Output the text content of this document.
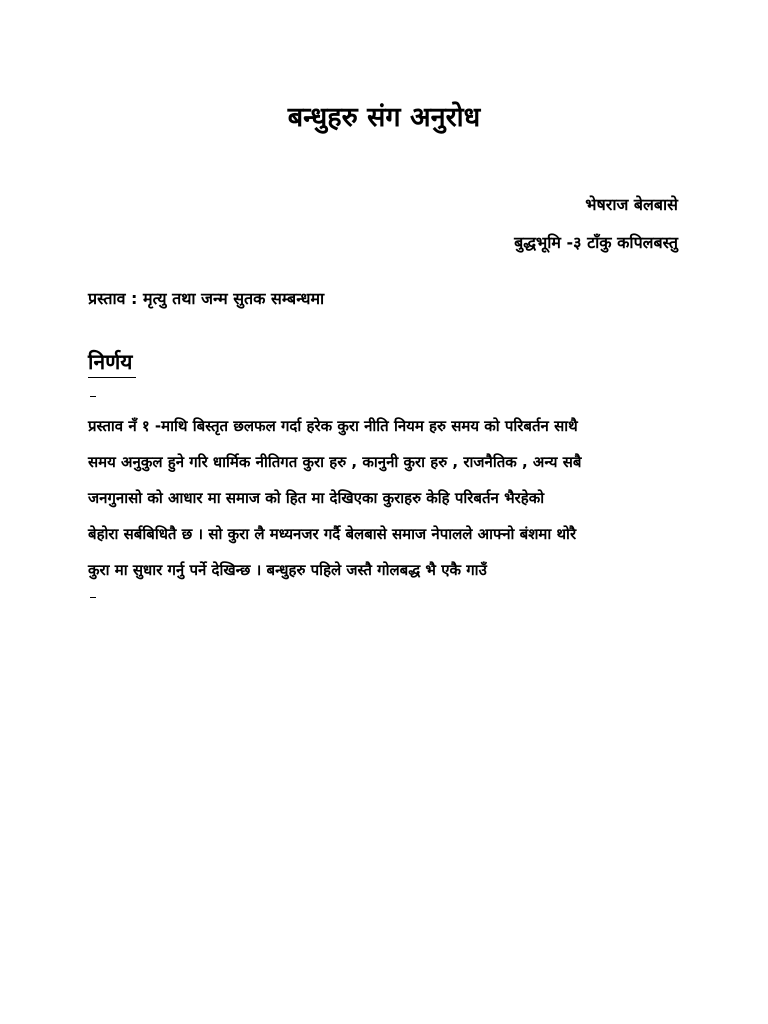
बन्धुहरु संग अनुरोध
भेषराज बेलबासे
बुद्धभूमि -३ टाँकु कपिलबस्तु
प्रस्ताव : मृत्यु तथा जन्म सुतक सम्बन्धमा
निर्णय
प्रस्ताव नँ १ -माथि बिस्तृत छलफल गर्दा हरेक कुरा नीति नियम हरु समय को परिबर्तन साथै
समय अनुकुल हुने गरि धार्मिक नीतिगत कुरा हरु , कानुनी कुरा हरु , राजनैतिक , अन्य सबै
जनगुनासो को आधार मा समाज को हित मा देखिएका कुराहरु केहि परिबर्तन भैरहेको
बेहोरा सर्बबिधितै छ । सो कुरा लै मध्यनजर गर्दै बेलबासे समाज नेपालले आफ्नो बंशमा थोरै
कुरा मा सुधार गर्नु पर्ने देखिन्छ । बन्धुहरु पहिले जस्तै गोलबद्ध भै एकै गाउँ
